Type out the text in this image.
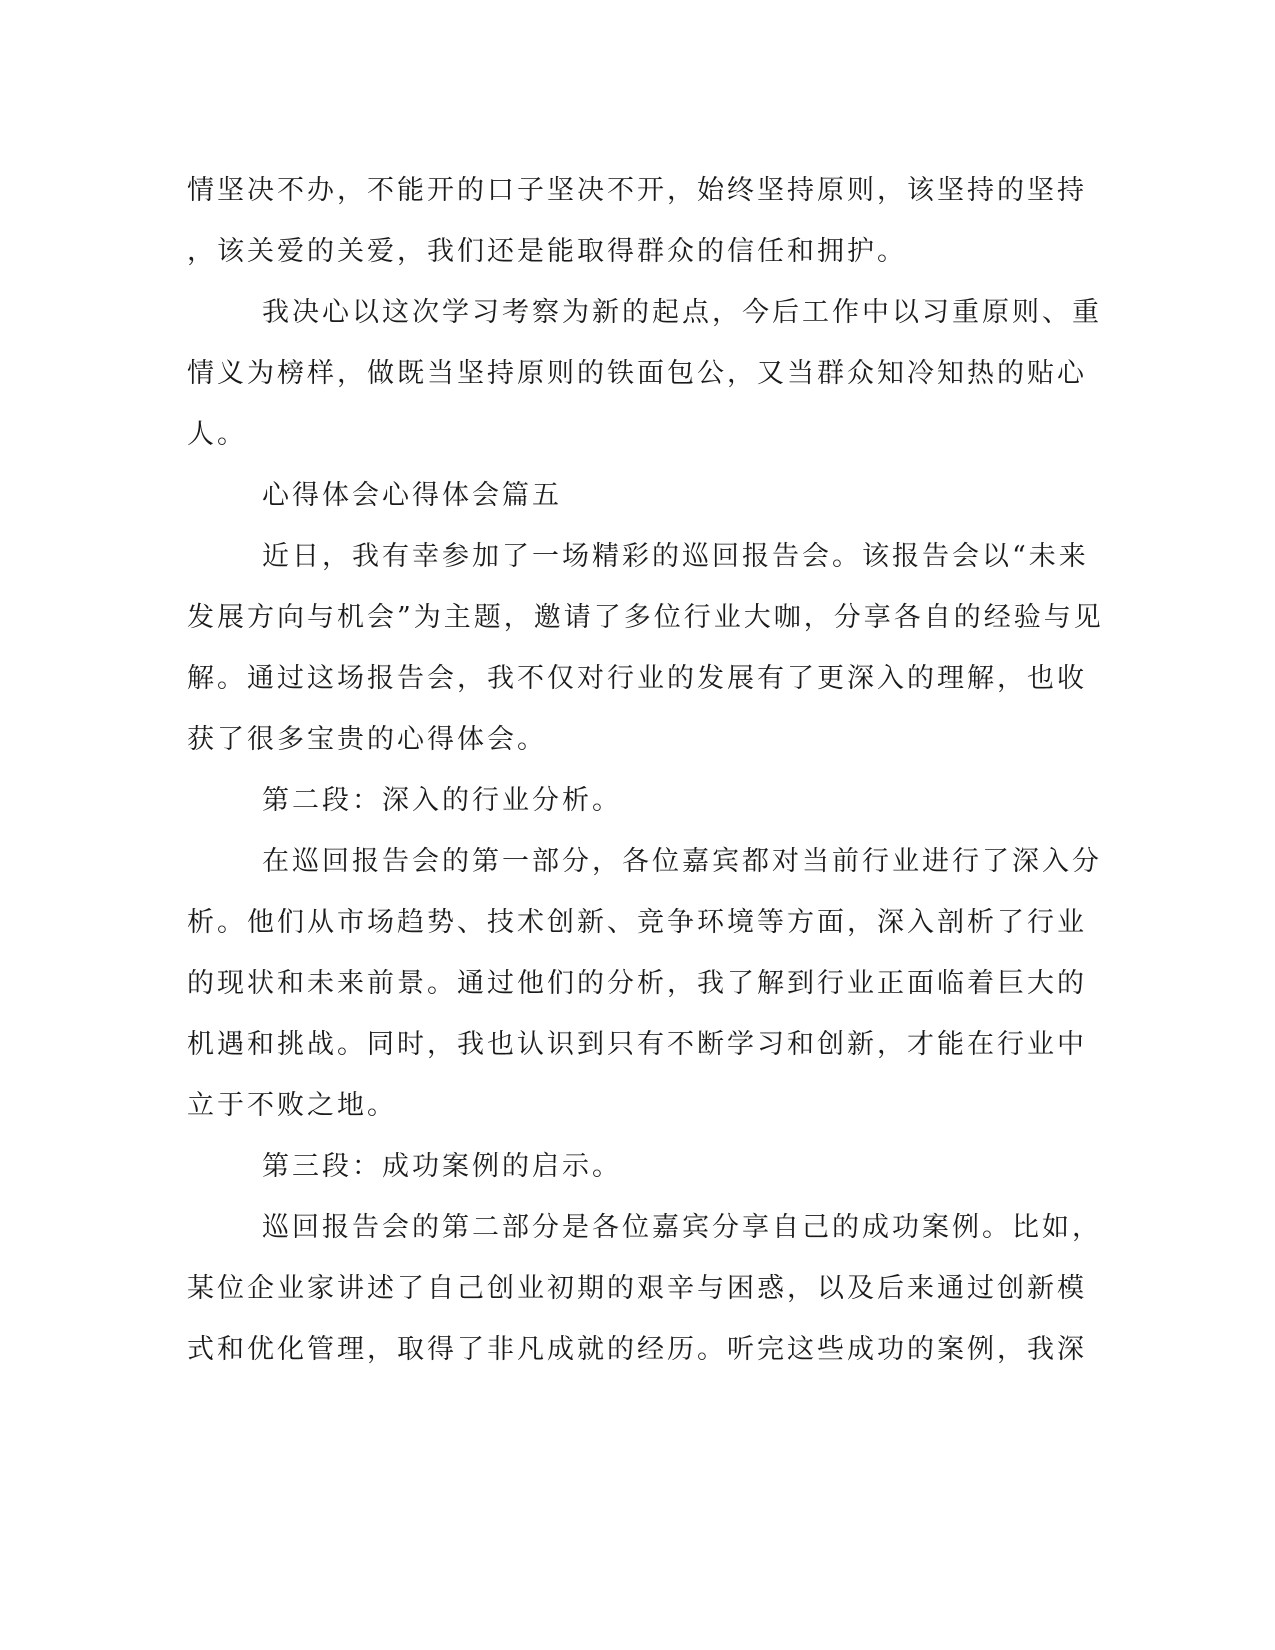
情坚决不办，不能开的口子坚决不开，始终坚持原则，该坚持的坚持
，该关爱的关爱，我们还是能取得群众的信任和拥护。
我决心以这次学习考察为新的起点，今后工作中以习重原则、重
情义为榜样，做既当坚持原则的铁面包公，又当群众知冷知热的贴心
人。
心得体会心得体会篇五
近日，我有幸参加了一场精彩的巡回报告会。该报告会以“未来
发展方向与机会”为主题，邀请了多位行业大咖，分享各自的经验与见
解。通过这场报告会，我不仅对行业的发展有了更深入的理解，也收
获了很多宝贵的心得体会。
第二段：深入的行业分析。
在巡回报告会的第一部分，各位嘉宾都对当前行业进行了深入分
析。他们从市场趋势、技术创新、竞争环境等方面，深入剖析了行业
的现状和未来前景。通过他们的分析，我了解到行业正面临着巨大的
机遇和挑战。同时，我也认识到只有不断学习和创新，才能在行业中
立于不败之地。
第三段：成功案例的启示。
巡回报告会的第二部分是各位嘉宾分享自己的成功案例。比如，
某位企业家讲述了自己创业初期的艰辛与困惑，以及后来通过创新模
式和优化管理，取得了非凡成就的经历。听完这些成功的案例，我深
